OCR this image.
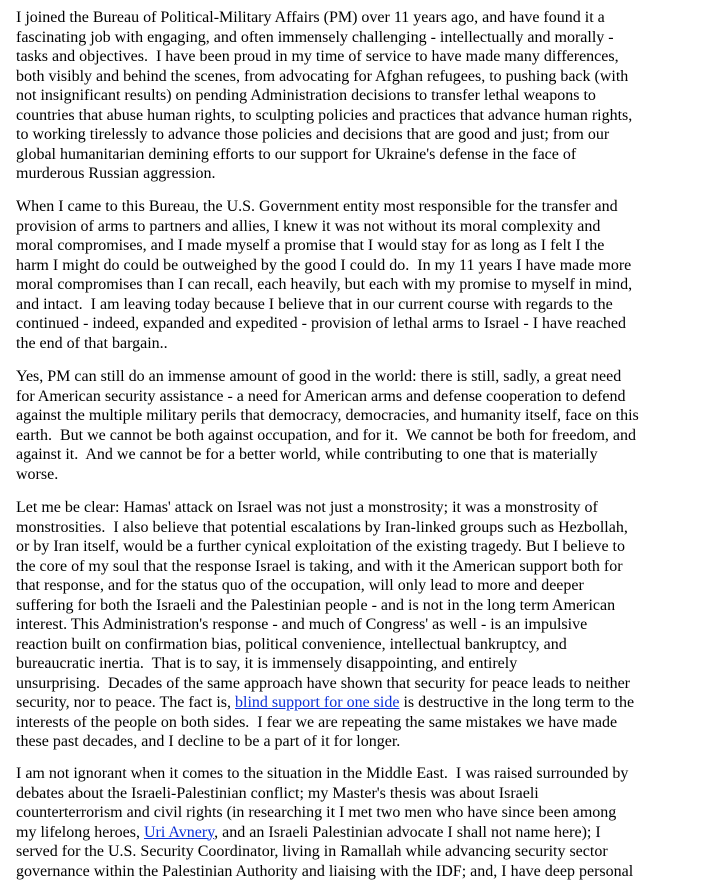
I joined the Bureau of Political-Military Affairs (PM) over 11 years ago, and have found it a
fascinating job with engaging, and often immensely challenging - intellectually and morally -
tasks and objectives.  I have been proud in my time of service to have made many differences,
both visibly and behind the scenes, from advocating for Afghan refugees, to pushing back (with
not insignificant results) on pending Administration decisions to transfer lethal weapons to
countries that abuse human rights, to sculpting policies and practices that advance human rights,
to working tirelessly to advance those policies and decisions that are good and just; from our
global humanitarian demining efforts to our support for Ukraine's defense in the face of
murderous Russian aggression.

When I came to this Bureau, the U.S. Government entity most responsible for the transfer and
provision of arms to partners and allies, I knew it was not without its moral complexity and
moral compromises, and I made myself a promise that I would stay for as long as I felt I the
harm I might do could be outweighed by the good I could do.  In my 11 years I have made more
moral compromises than I can recall, each heavily, but each with my promise to myself in mind,
and intact.  I am leaving today because I believe that in our current course with regards to the
continued - indeed, expanded and expedited - provision of lethal arms to Israel - I have reached
the end of that bargain..

Yes, PM can still do an immense amount of good in the world: there is still, sadly, a great need
for American security assistance - a need for American arms and defense cooperation to defend
against the multiple military perils that democracy, democracies, and humanity itself, face on this
earth.  But we cannot be both against occupation, and for it.  We cannot be both for freedom, and
against it.  And we cannot be for a better world, while contributing to one that is materially
worse.

Let me be clear: Hamas' attack on Israel was not just a monstrosity; it was a monstrosity of
monstrosities.  I also believe that potential escalations by Iran-linked groups such as Hezbollah,
or by Iran itself, would be a further cynical exploitation of the existing tragedy. But I believe to
the core of my soul that the response Israel is taking, and with it the American support both for
that response, and for the status quo of the occupation, will only lead to more and deeper
suffering for both the Israeli and the Palestinian people - and is not in the long term American
interest. This Administration's response - and much of Congress' as well - is an impulsive
reaction built on confirmation bias, political convenience, intellectual bankruptcy, and
bureaucratic inertia.  That is to say, it is immensely disappointing, and entirely
unsurprising.  Decades of the same approach have shown that security for peace leads to neither
security, nor to peace. The fact is, blind support for one side is destructive in the long term to the
interests of the people on both sides.  I fear we are repeating the same mistakes we have made
these past decades, and I decline to be a part of it for longer.

I am not ignorant when it comes to the situation in the Middle East.  I was raised surrounded by
debates about the Israeli-Palestinian conflict; my Master's thesis was about Israeli
counterterrorism and civil rights (in researching it I met two men who have since been among
my lifelong heroes, Uri Avnery, and an Israeli Palestinian advocate I shall not name here); I
served for the U.S. Security Coordinator, living in Ramallah while advancing security sector
governance within the Palestinian Authority and liaising with the IDF; and, I have deep personal
